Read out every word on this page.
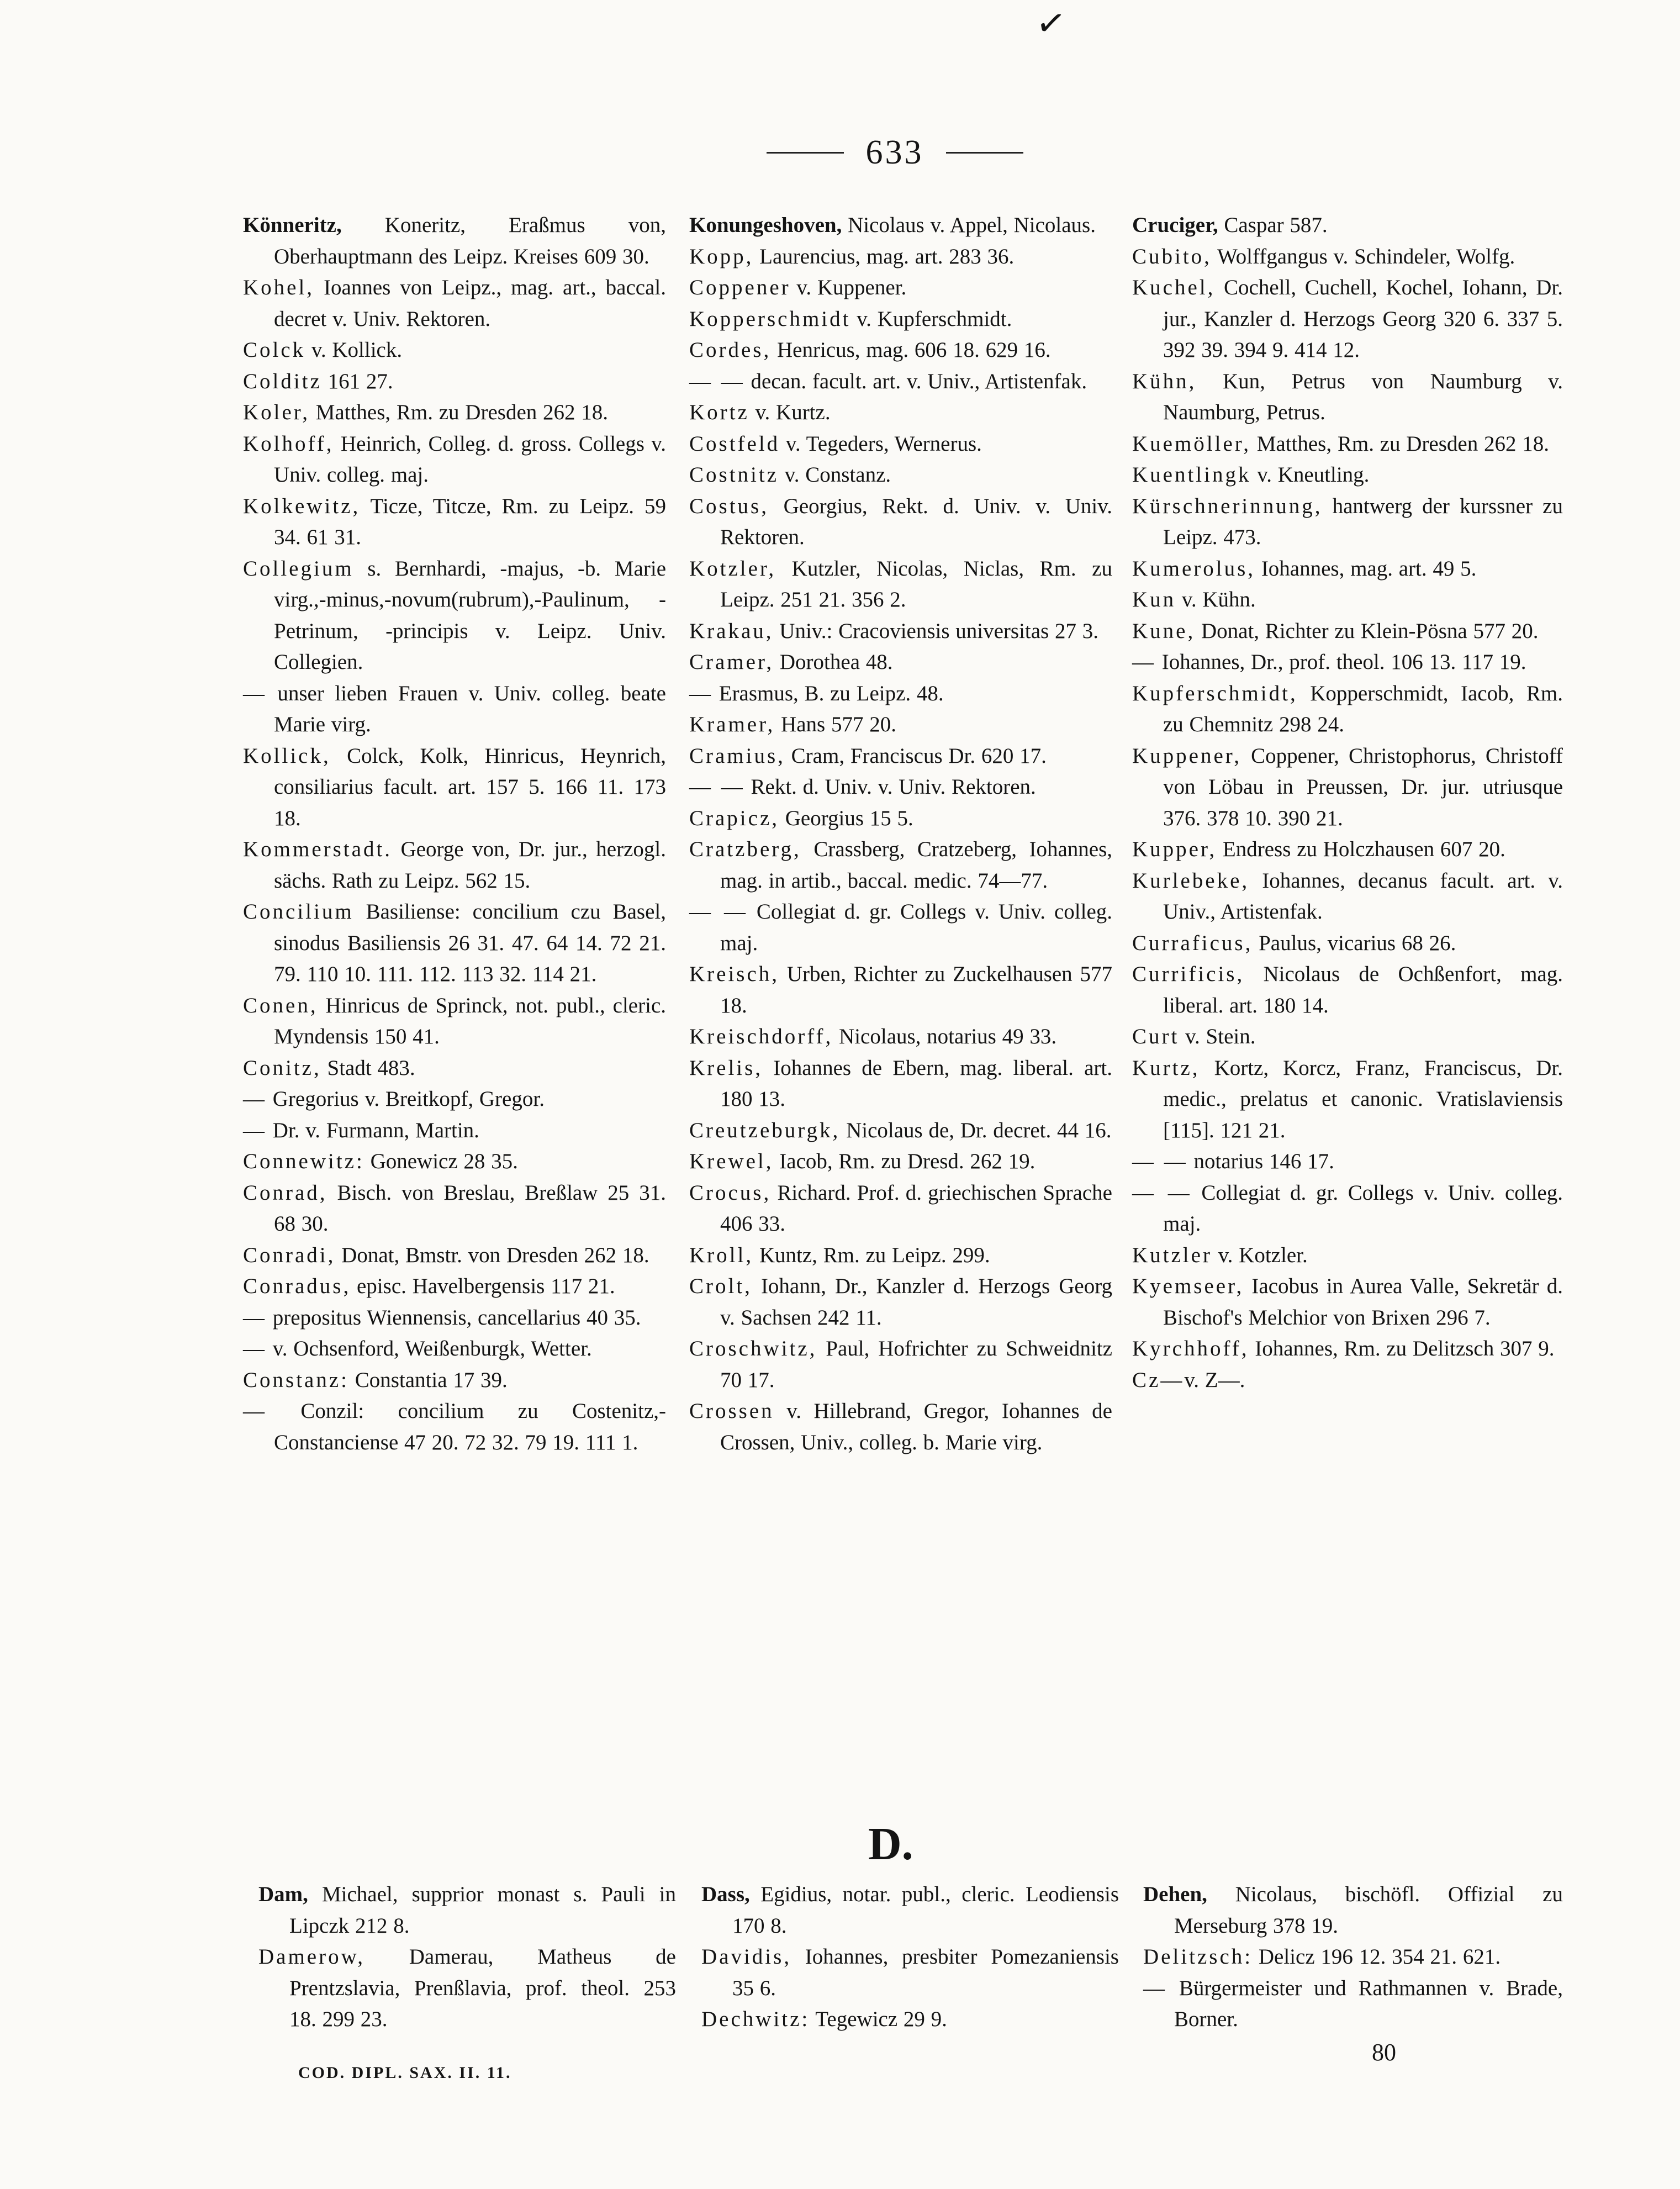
✓
633
Könneritz, Koneritz, Eraßmus von, Oberhauptmann des Leipz. Kreises 609 30.
Kohel, Ioannes von Leipz., mag. art., baccal. decret v. Univ. Rektoren.
Colck v. Kollick.
Colditz 161 27.
Koler, Matthes, Rm. zu Dresden 262 18.
Kolhoff, Heinrich, Colleg. d. gross. Collegs v. Univ. colleg. maj.
Kolkewitz, Ticze, Titcze, Rm. zu Leipz. 59 34. 61 31.
Collegium s. Bernhardi, -majus, -b. Marie virg.,-minus,-novum(rubrum),-Paulinum, -Petrinum, -principis v. Leipz. Univ. Collegien.
— unser lieben Frauen v. Univ. colleg. beate Marie virg.
Kollick, Colck, Kolk, Hinricus, Heynrich, consiliarius facult. art. 157 5. 166 11. 173 18.
Kommerstadt. George von, Dr. jur., herzogl. sächs. Rath zu Leipz. 562 15.
Concilium Basiliense: concilium czu Basel, sinodus Basiliensis 26 31. 47. 64 14. 72 21. 79. 110 10. 111. 112. 113 32. 114 21.
Conen, Hinricus de Sprinck, not. publ., cleric. Myndensis 150 41.
Conitz, Stadt 483.
— Gregorius v. Breitkopf, Gregor.
— Dr. v. Furmann, Martin.
Connewitz: Gonewicz 28 35.
Conrad, Bisch. von Breslau, Breßlaw 25 31. 68 30.
Conradi, Donat, Bmstr. von Dresden 262 18.
Conradus, episc. Havelbergensis 117 21.
— prepositus Wiennensis, cancellarius 40 35.
— v. Ochsenford, Weißenburgk, Wetter.
Constanz: Constantia 17 39.
— Conzil: concilium zu Costenitz,- Constanciense 47 20. 72 32. 79 19. 111 1.
Konungeshoven, Nicolaus v. Appel, Nicolaus.
Kopp, Laurencius, mag. art. 283 36.
Coppener v. Kuppener.
Kopperschmidt v. Kupferschmidt.
Cordes, Henricus, mag. 606 18. 629 16.
— — decan. facult. art. v. Univ., Artistenfak.
Kortz v. Kurtz.
Costfeld v. Tegeders, Wernerus.
Costnitz v. Constanz.
Costus, Georgius, Rekt. d. Univ. v. Univ. Rektoren.
Kotzler, Kutzler, Nicolas, Niclas, Rm. zu Leipz. 251 21. 356 2.
Krakau, Univ.: Cracoviensis universitas 27 3.
Cramer, Dorothea 48.
— Erasmus, B. zu Leipz. 48.
Kramer, Hans 577 20.
Cramius, Cram, Franciscus Dr. 620 17.
— — Rekt. d. Univ. v. Univ. Rektoren.
Crapicz, Georgius 15 5.
Cratzberg, Crassberg, Cratzeberg, Iohannes, mag. in artib., baccal. medic. 74—77.
— — Collegiat d. gr. Collegs v. Univ. colleg. maj.
Kreisch, Urben, Richter zu Zuckelhausen 577 18.
Kreischdorff, Nicolaus, notarius 49 33.
Krelis, Iohannes de Ebern, mag. liberal. art. 180 13.
Creutzeburgk, Nicolaus de, Dr. decret. 44 16.
Krewel, Iacob, Rm. zu Dresd. 262 19.
Crocus, Richard. Prof. d. griechischen Sprache 406 33.
Kroll, Kuntz, Rm. zu Leipz. 299.
Crolt, Iohann, Dr., Kanzler d. Herzogs Georg v. Sachsen 242 11.
Croschwitz, Paul, Hofrichter zu Schweidnitz 70 17.
Crossen v. Hillebrand, Gregor, Iohannes de Crossen, Univ., colleg. b. Marie virg.
Cruciger, Caspar 587.
Cubito, Wolffgangus v. Schindeler, Wolfg.
Kuchel, Cochell, Cuchell, Kochel, Iohann, Dr. jur., Kanzler d. Herzogs Georg 320 6. 337 5. 392 39. 394 9. 414 12.
Kühn, Kun, Petrus von Naumburg v. Naumburg, Petrus.
Kuemöller, Matthes, Rm. zu Dresden 262 18.
Kuentlingk v. Kneutling.
Kürschnerinnung, hantwerg der kurssner zu Leipz. 473.
Kumerolus, Iohannes, mag. art. 49 5.
Kun v. Kühn.
Kune, Donat, Richter zu Klein-Pösna 577 20.
— Iohannes, Dr., prof. theol. 106 13. 117 19.
Kupferschmidt, Kopperschmidt, Iacob, Rm. zu Chemnitz 298 24.
Kuppener, Coppener, Christophorus, Christoff von Löbau in Preussen, Dr. jur. utriusque 376. 378 10. 390 21.
Kupper, Endress zu Holczhausen 607 20.
Kurlebeke, Iohannes, decanus facult. art. v. Univ., Artistenfak.
Curraficus, Paulus, vicarius 68 26.
Currificis, Nicolaus de Ochßenfort, mag. liberal. art. 180 14.
Curt v. Stein.
Kurtz, Kortz, Korcz, Franz, Franciscus, Dr. medic., prelatus et canonic. Vratislaviensis [115]. 121 21.
— — notarius 146 17.
— — Collegiat d. gr. Collegs v. Univ. colleg. maj.
Kutzler v. Kotzler.
Kyemseer, Iacobus in Aurea Valle, Sekretär d. Bischof's Melchior von Brixen 296 7.
Kyrchhoff, Iohannes, Rm. zu Delitzsch 307 9.
Cz—v. Z—.
D.
Dam, Michael, supprior monast s. Pauli in Lipczk 212 8.
Damerow, Damerau, Matheus de Prentzslavia, Prenßlavia, prof. theol. 253 18. 299 23.
Dass, Egidius, notar. publ., cleric. Leodiensis 170 8.
Davidis, Iohannes, presbiter Pomezaniensis 35 6.
Dechwitz: Tegewicz 29 9.
Dehen, Nicolaus, bischöfl. Offizial zu Merseburg 378 19.
Delitzsch: Delicz 196 12. 354 21. 621.
— Bürgermeister und Rathmannen v. Brade, Borner.
COD. DIPL. SAX. II. 11.
80
